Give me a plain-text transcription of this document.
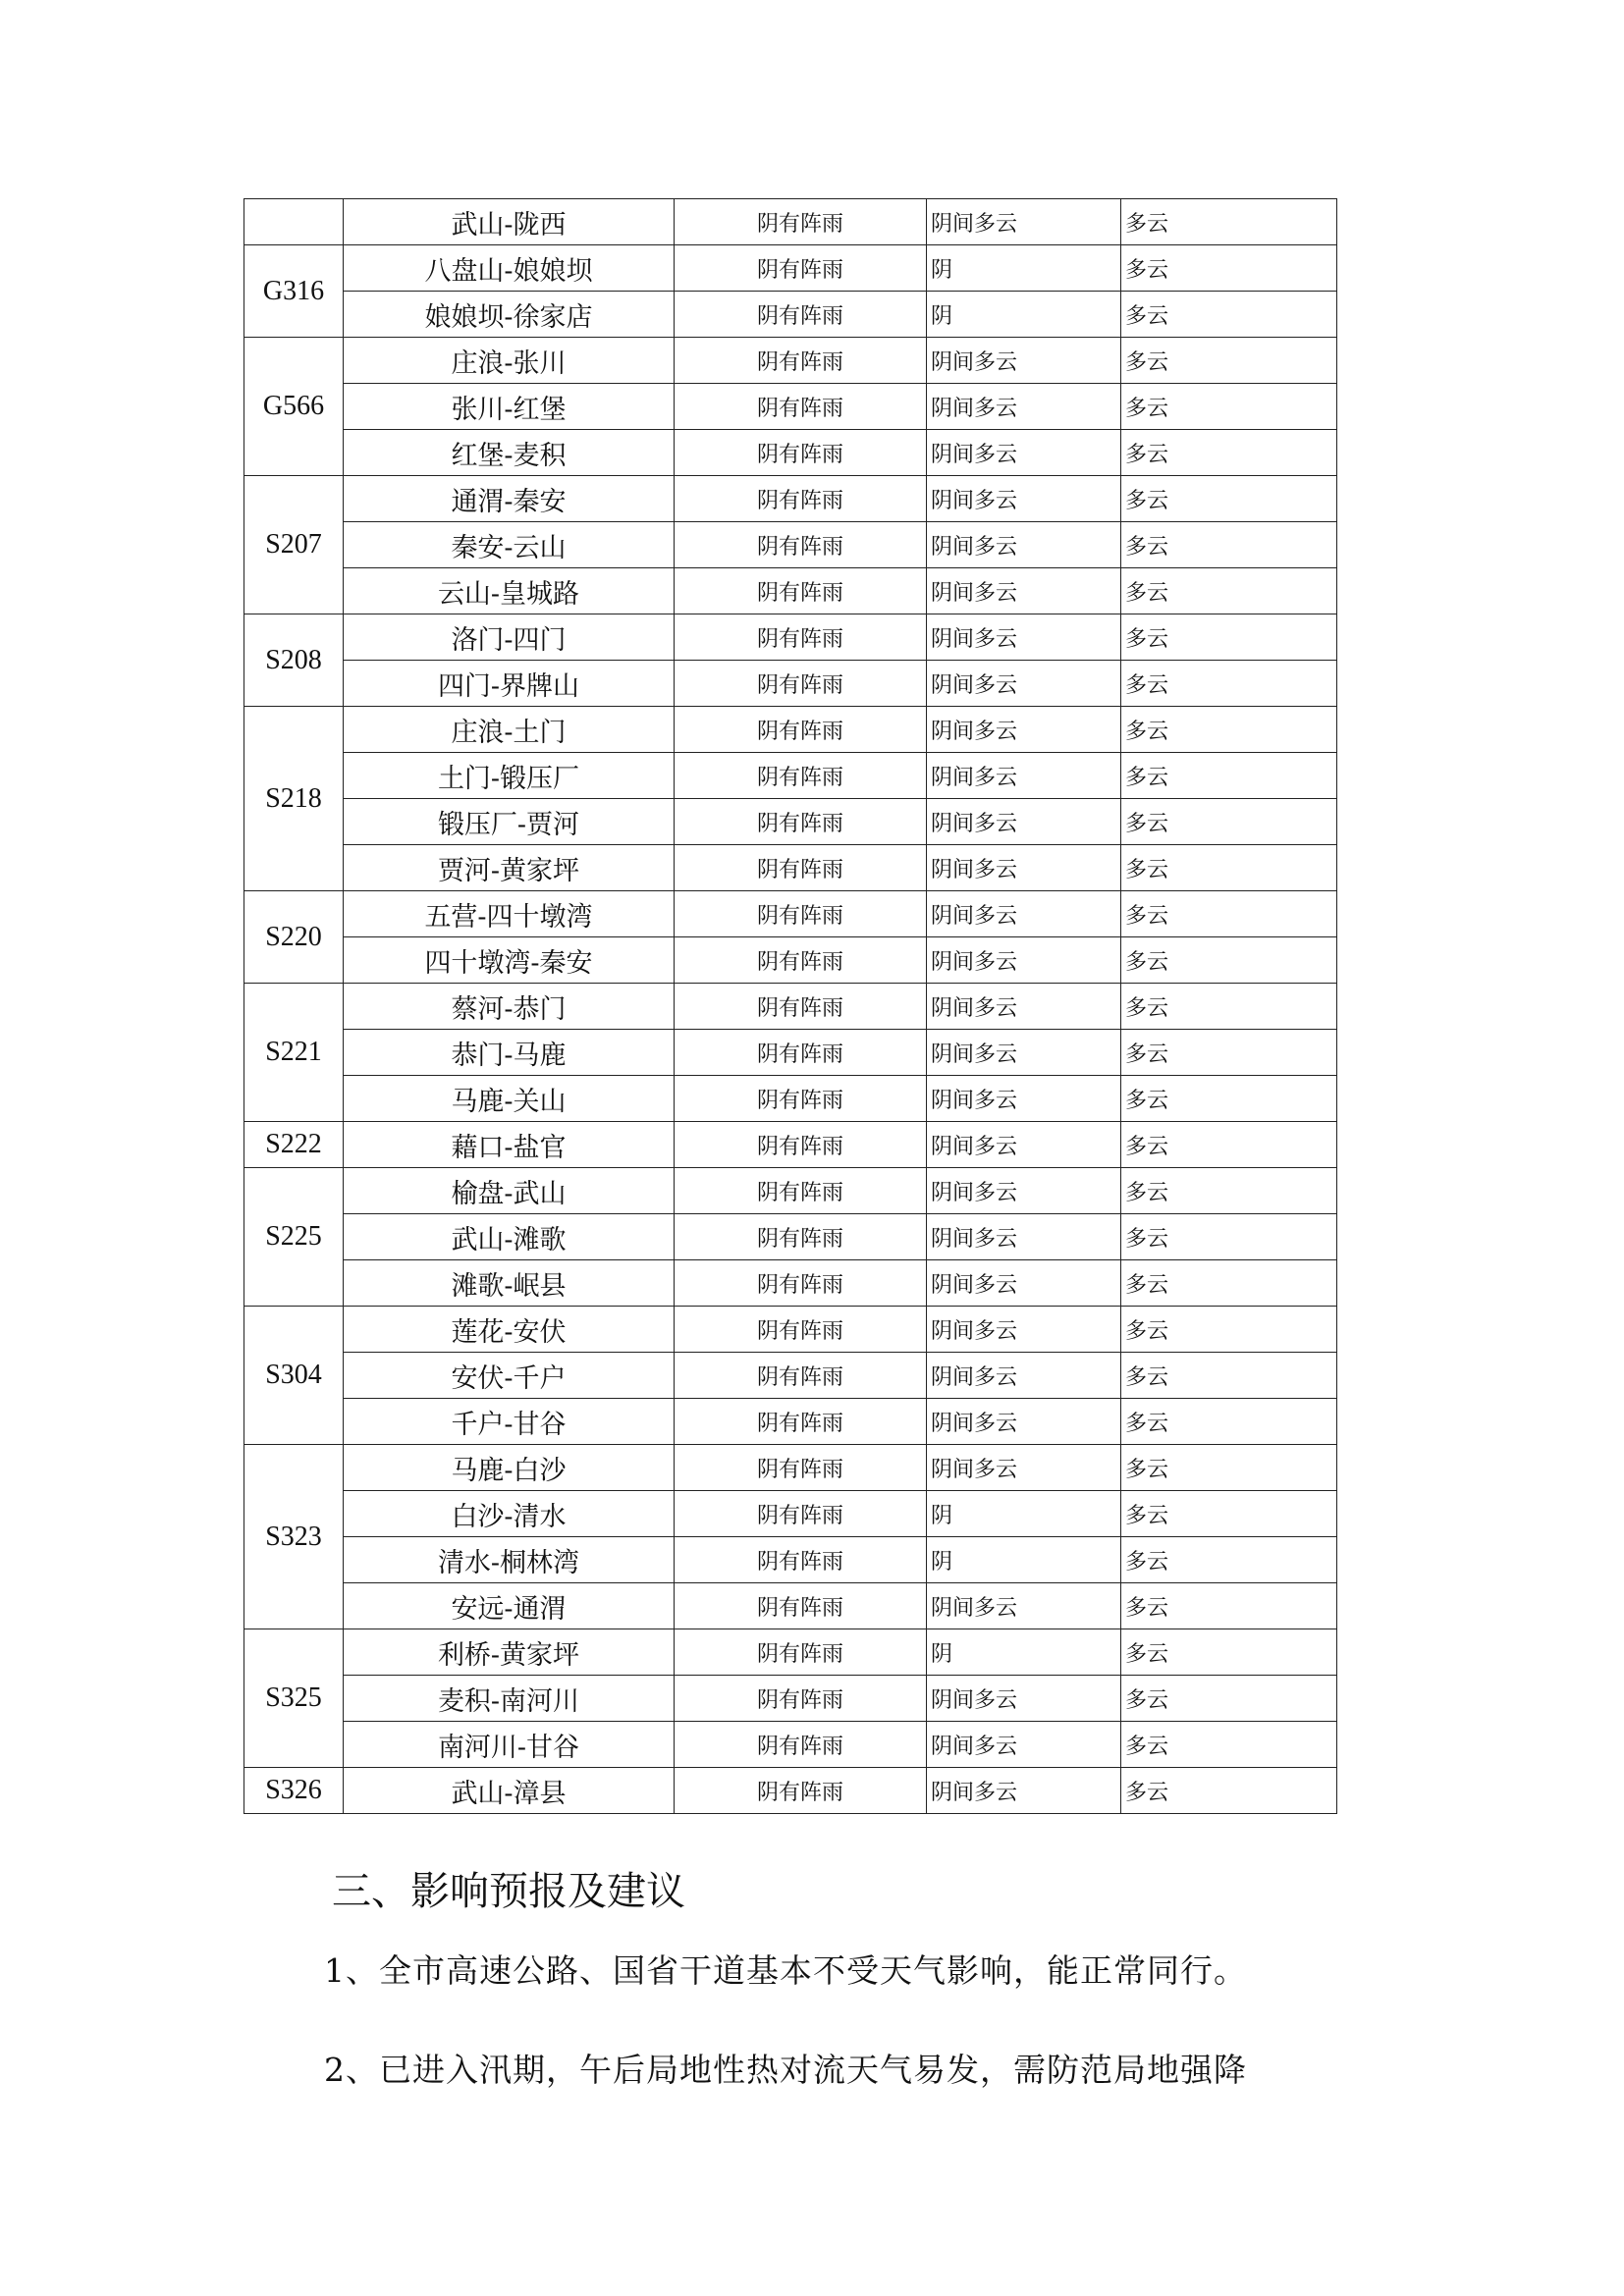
	武山-陇西	阴有阵雨	阴间多云	多云
G316	八盘山-娘娘坝	阴有阵雨	阴	多云
	娘娘坝-徐家店	阴有阵雨	阴	多云
G566	庄浪-张川	阴有阵雨	阴间多云	多云
	张川-红堡	阴有阵雨	阴间多云	多云
	红堡-麦积	阴有阵雨	阴间多云	多云
S207	通渭-秦安	阴有阵雨	阴间多云	多云
	秦安-云山	阴有阵雨	阴间多云	多云
	云山-皇城路	阴有阵雨	阴间多云	多云
S208	洛门-四门	阴有阵雨	阴间多云	多云
	四门-界牌山	阴有阵雨	阴间多云	多云
S218	庄浪-土门	阴有阵雨	阴间多云	多云
	土门-锻压厂	阴有阵雨	阴间多云	多云
	锻压厂-贾河	阴有阵雨	阴间多云	多云
	贾河-黄家坪	阴有阵雨	阴间多云	多云
S220	五营-四十墩湾	阴有阵雨	阴间多云	多云
	四十墩湾-秦安	阴有阵雨	阴间多云	多云
S221	蔡河-恭门	阴有阵雨	阴间多云	多云
	恭门-马鹿	阴有阵雨	阴间多云	多云
	马鹿-关山	阴有阵雨	阴间多云	多云
S222	藉口-盐官	阴有阵雨	阴间多云	多云
S225	榆盘-武山	阴有阵雨	阴间多云	多云
	武山-滩歌	阴有阵雨	阴间多云	多云
	滩歌-岷县	阴有阵雨	阴间多云	多云
S304	莲花-安伏	阴有阵雨	阴间多云	多云
	安伏-千户	阴有阵雨	阴间多云	多云
	千户-甘谷	阴有阵雨	阴间多云	多云
S323	马鹿-白沙	阴有阵雨	阴间多云	多云
	白沙-清水	阴有阵雨	阴	多云
	清水-桐林湾	阴有阵雨	阴	多云
	安远-通渭	阴有阵雨	阴间多云	多云
S325	利桥-黄家坪	阴有阵雨	阴	多云
	麦积-南河川	阴有阵雨	阴间多云	多云
	南河川-甘谷	阴有阵雨	阴间多云	多云
S326	武山-漳县	阴有阵雨	阴间多云	多云
三、影响预报及建议

1、全市高速公路、国省干道基本不受天气影响，能正常同行。

2、已进入汛期，午后局地性热对流天气易发，需防范局地强降
